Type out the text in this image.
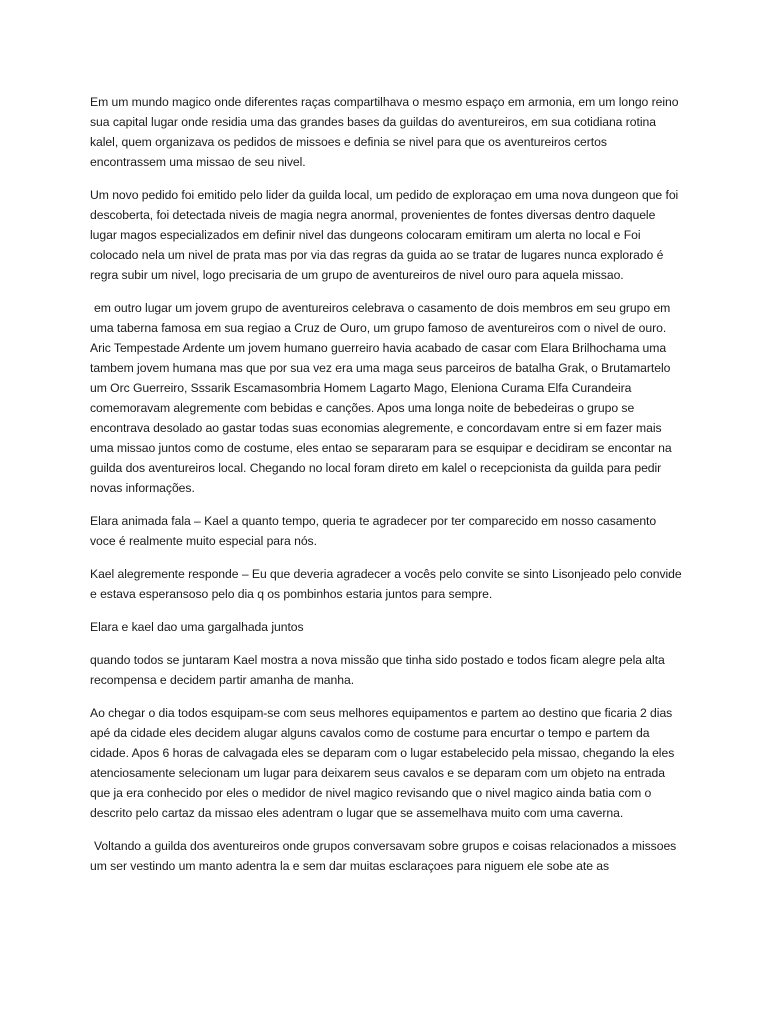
Em um mundo magico onde diferentes raças compartilhava o mesmo espaço em armonia, em um longo reino sua capital lugar onde residia uma das grandes bases da guildas do aventureiros, em sua cotidiana rotina kalel, quem organizava os pedidos de missoes e definia se nivel para que os aventureiros certos encontrassem uma missao de seu nivel.

Um novo pedido foi emitido pelo lider da guilda local, um pedido de exploraçao em uma nova dungeon que foi descoberta, foi detectada niveis de magia negra anormal, provenientes de fontes diversas dentro daquele lugar magos especializados em definir nivel das dungeons colocaram emitiram um alerta no local e Foi colocado nela um nivel de prata mas por via das regras da guida ao se tratar de lugares nunca explorado é regra subir um nivel, logo precisaria de um grupo de aventureiros de nivel ouro para aquela missao.

em outro lugar um jovem grupo de aventureiros celebrava o casamento de dois membros em seu grupo em uma taberna famosa em sua regiao a Cruz de Ouro, um grupo famoso de aventureiros com o nivel de ouro. Aric Tempestade Ardente um jovem humano guerreiro havia acabado de casar com Elara Brilhochama uma tambem jovem humana mas que por sua vez era uma maga seus parceiros de batalha Grak, o Brutamartelo um Orc Guerreiro, Sssarik Escamasombria Homem Lagarto Mago, Eleniona Curama Elfa Curandeira comemoravam alegremente com bebidas e canções. Apos uma longa noite de bebedeiras o grupo se encontrava desolado ao gastar todas suas economias alegremente, e concordavam entre si em fazer mais uma missao juntos como de costume, eles entao se separaram para se esquipar e decidiram se encontar na guilda dos aventureiros local. Chegando no local foram direto em kalel o recepcionista da guilda para pedir novas informações.

Elara animada fala – Kael a quanto tempo, queria te agradecer por ter comparecido em nosso casamento voce é realmente muito especial para nós.

Kael alegremente responde – Eu que deveria agradecer a vocês pelo convite se sinto Lisonjeado pelo convide e estava esperansoso pelo dia q os pombinhos estaria juntos para sempre.

Elara e kael dao uma gargalhada juntos

quando todos se juntaram Kael mostra a nova missão que tinha sido postado e todos ficam alegre pela alta recompensa e decidem partir amanha de manha.

Ao chegar o dia todos esquipam-se com seus melhores equipamentos e partem ao destino que ficaria 2 dias apé da cidade eles decidem alugar alguns cavalos como de costume para encurtar o tempo e partem da cidade. Apos 6 horas de calvagada eles se deparam com o lugar estabelecido pela missao, chegando la eles atenciosamente selecionam um lugar para deixarem seus cavalos e se deparam com um objeto na entrada que ja era conhecido por eles o medidor de nivel magico revisando que o nivel magico ainda batia com o descrito pelo cartaz da missao eles adentram o lugar que se assemelhava muito com uma caverna.

Voltando a guilda dos aventureiros onde grupos conversavam sobre grupos e coisas relacionados a missoes um ser vestindo um manto adentra la e sem dar muitas esclaraçoes para niguem ele sobe ate as
